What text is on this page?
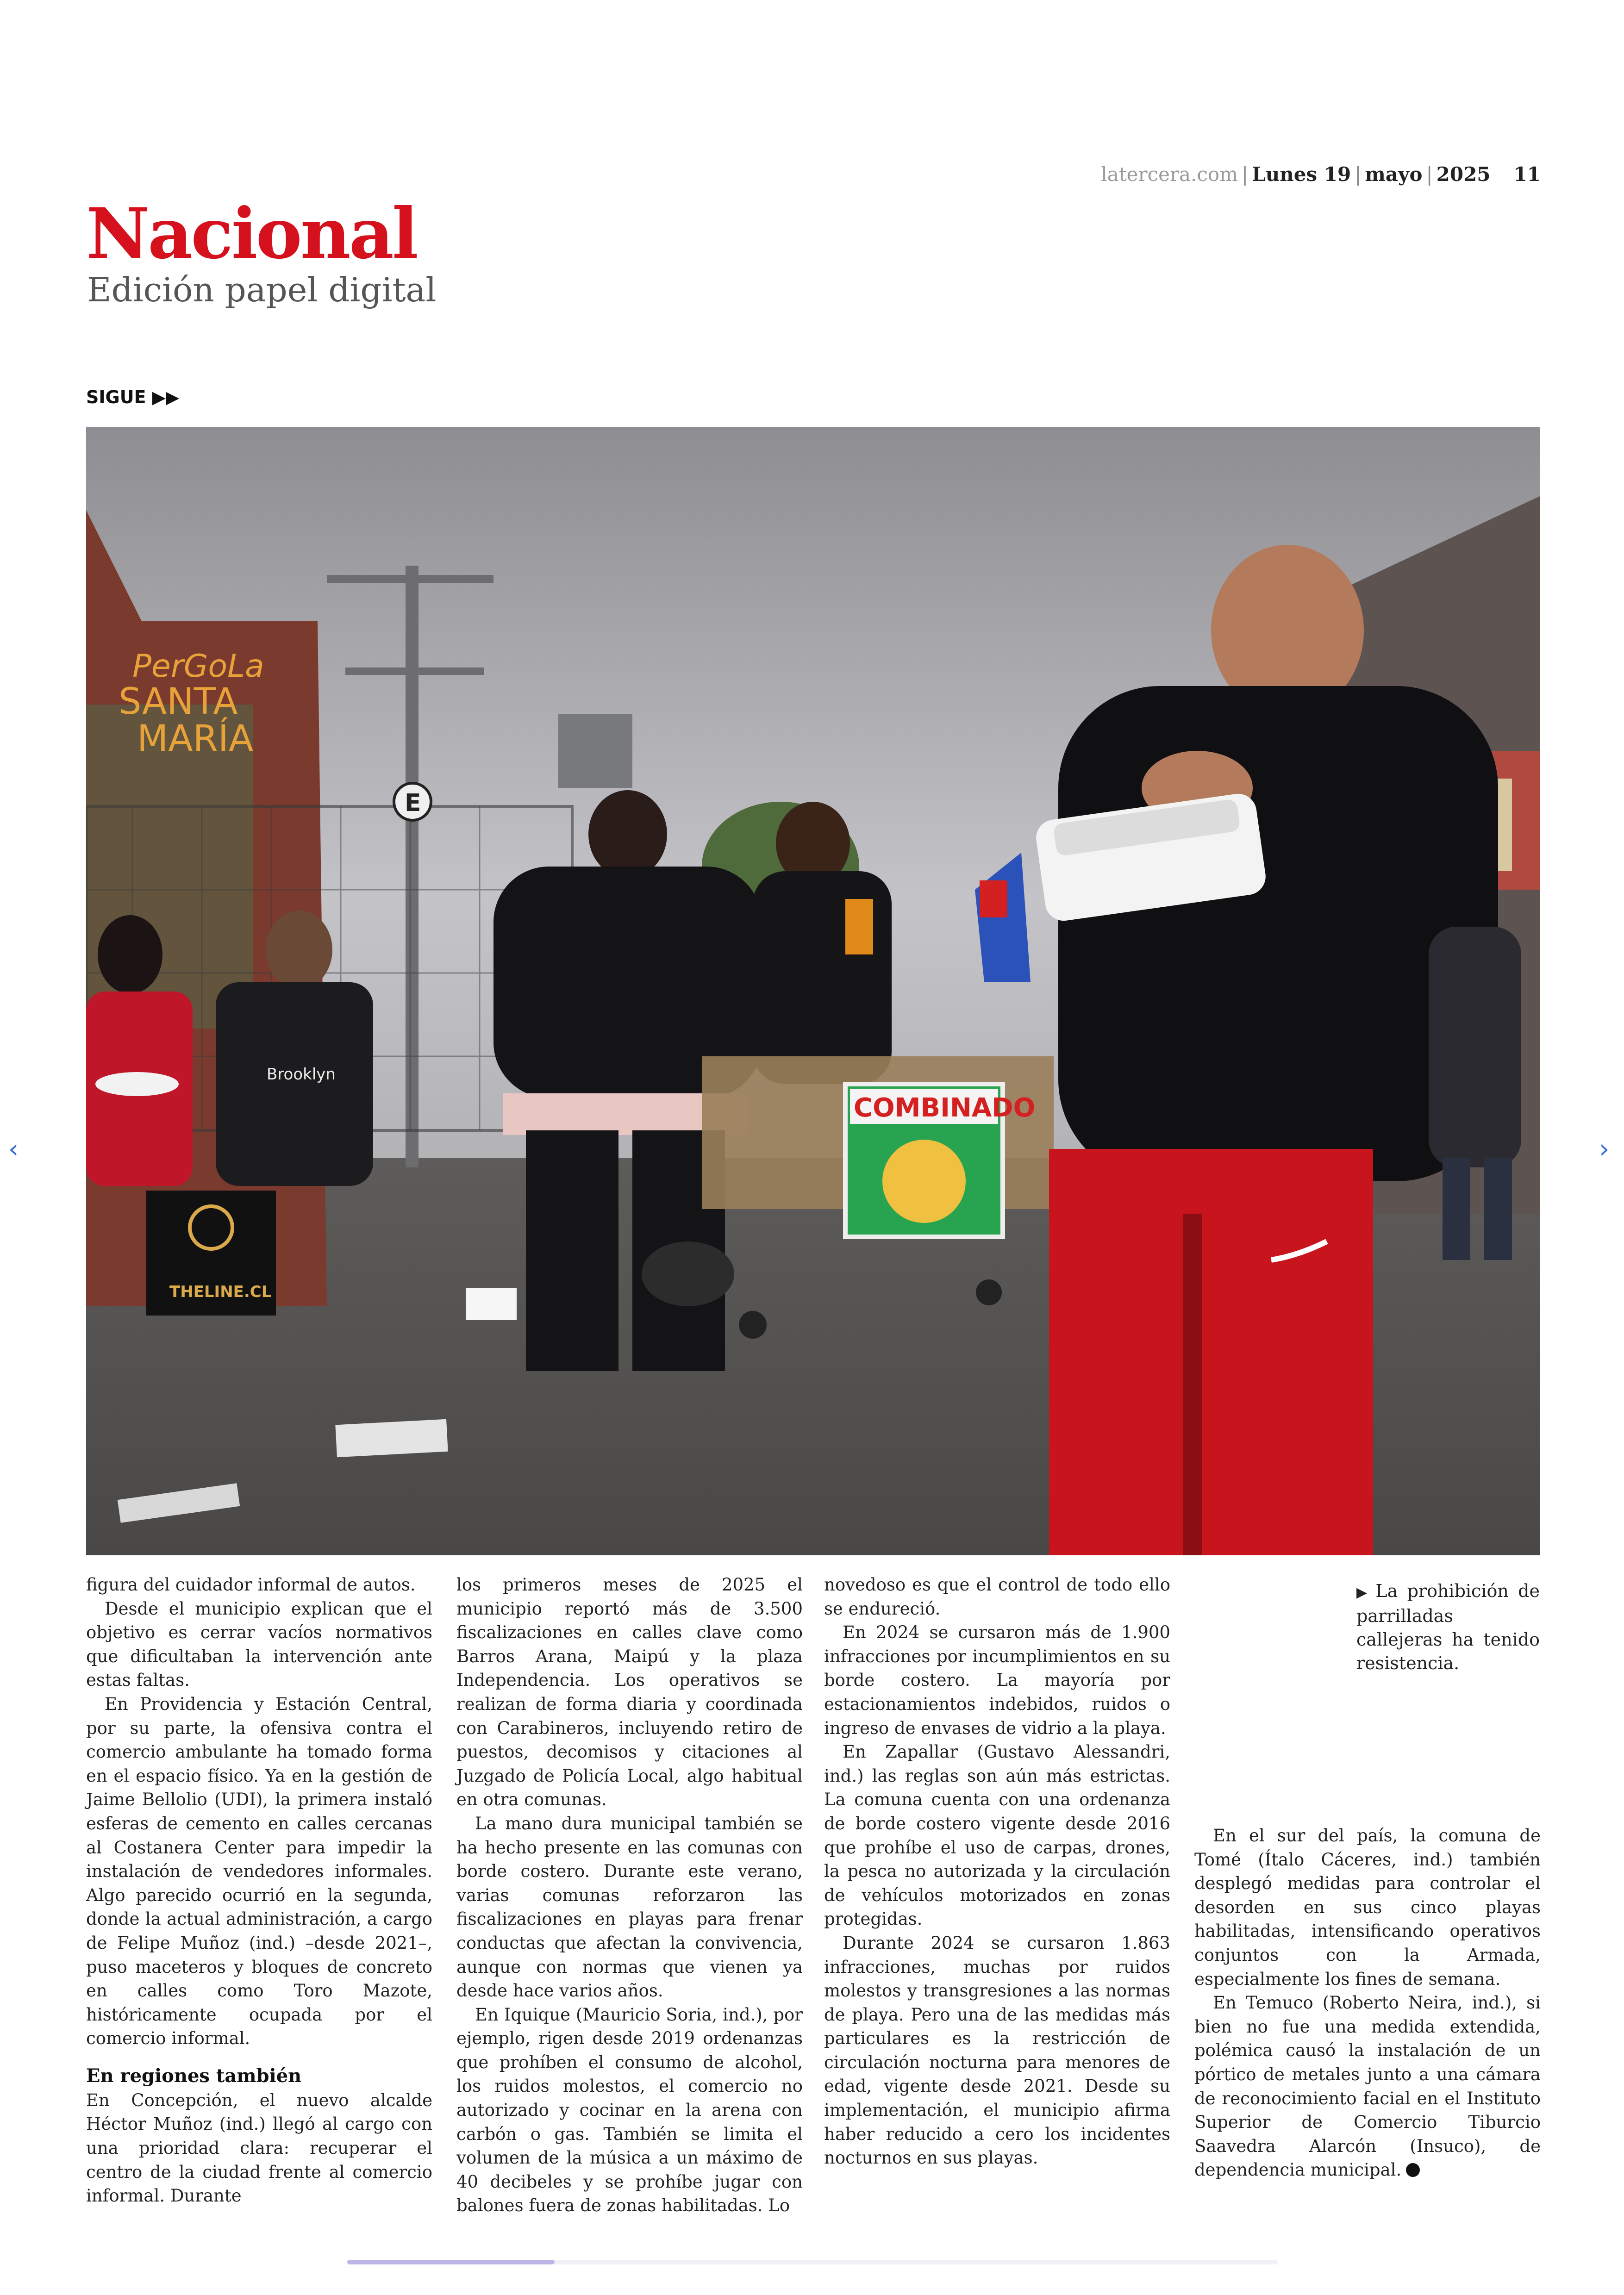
latercera.com | Lunes 19 | mayo | 2025 11
Nacional
Edición papel digital
SIGUE ▶▶
PerGoLa
SANTA
MARÍA
E
Brooklyn
THELINE.CL
COMBINADO

figura del cuidador informal de autos.

Desde el municipio explican que el objetivo es cerrar vacíos normativos que dificultaban la intervención ante estas faltas.

En Providencia y Estación Central, por su parte, la ofensiva contra el comercio ambulante ha tomado forma en el espacio físico. Ya en la gestión de Jaime Bellolio (UDI), la primera instaló esferas de cemento en calles cercanas al Costanera Center para impedir la instalación de vendedores informales. Algo parecido ocurrió en la segunda, donde la actual administración, a cargo de Felipe Muñoz (ind.) –desde 2021–, puso maceteros y bloques de concreto en calles como Toro Mazote, históricamente ocupada por el comercio informal.

En regiones también

En Concepción, el nuevo alcalde Héctor Muñoz (ind.) llegó al cargo con una prioridad clara: recuperar el centro de la ciudad frente al comercio informal. Durante

los primeros meses de 2025 el municipio reportó más de 3.500 fiscalizaciones en calles clave como Barros Arana, Maipú y la plaza Independencia. Los operativos se realizan de forma diaria y coordinada con Carabineros, incluyendo retiro de puestos, decomisos y citaciones al Juzgado de Policía Local, algo habitual en otra comunas.

La mano dura municipal también se ha hecho presente en las comunas con borde costero. Durante este verano, varias comunas reforzaron las fiscalizaciones en playas para frenar conductas que afectan la convivencia, aunque con normas que vienen ya desde hace varios años.

En Iquique (Mauricio Soria, ind.), por ejemplo, rigen desde 2019 ordenanzas que prohíben el consumo de alcohol, los ruidos molestos, el comercio no autorizado y cocinar en la arena con carbón o gas. También se limita el volumen de la música a un máximo de 40 decibeles y se prohíbe jugar con balones fuera de zonas habilitadas. Lo

novedoso es que el control de todo ello se endureció.

En 2024 se cursaron más de 1.900 infracciones por incumplimientos en su borde costero. La mayoría por estacionamientos indebidos, ruidos o ingreso de envases de vidrio a la playa.

En Zapallar (Gustavo Alessandri, ind.) las reglas son aún más estrictas. La comuna cuenta con una ordenanza de borde costero vigente desde 2016 que prohíbe el uso de carpas, drones, la pesca no autorizada y la circulación de vehículos motorizados en zonas protegidas.

Durante 2024 se cursaron 1.863 infracciones, muchas por ruidos molestos y transgresiones a las normas de playa. Pero una de las medidas más particulares es la restricción de circulación nocturna para menores de edad, vigente desde 2021. Desde su implementación, el municipio afirma haber reducido a cero los incidentes nocturnos en sus playas.

En el sur del país, la comuna de Tomé (Ítalo Cáceres, ind.) también desplegó medidas para controlar el desorden en sus cinco playas habilitadas, intensificando operativos conjuntos con la Armada, especialmente los fines de semana.

En Temuco (Roberto Neira, ind.), si bien no fue una medida extendida, polémica causó la instalación de un pórtico de metales junto a una cámara de reconocimiento facial en el Instituto Superior de Comercio Tiburcio Saavedra Alarcón (Insuco), de dependencia municipal.

▶ La prohibición de parrilladas callejeras ha tenido resistencia.
‹	›
